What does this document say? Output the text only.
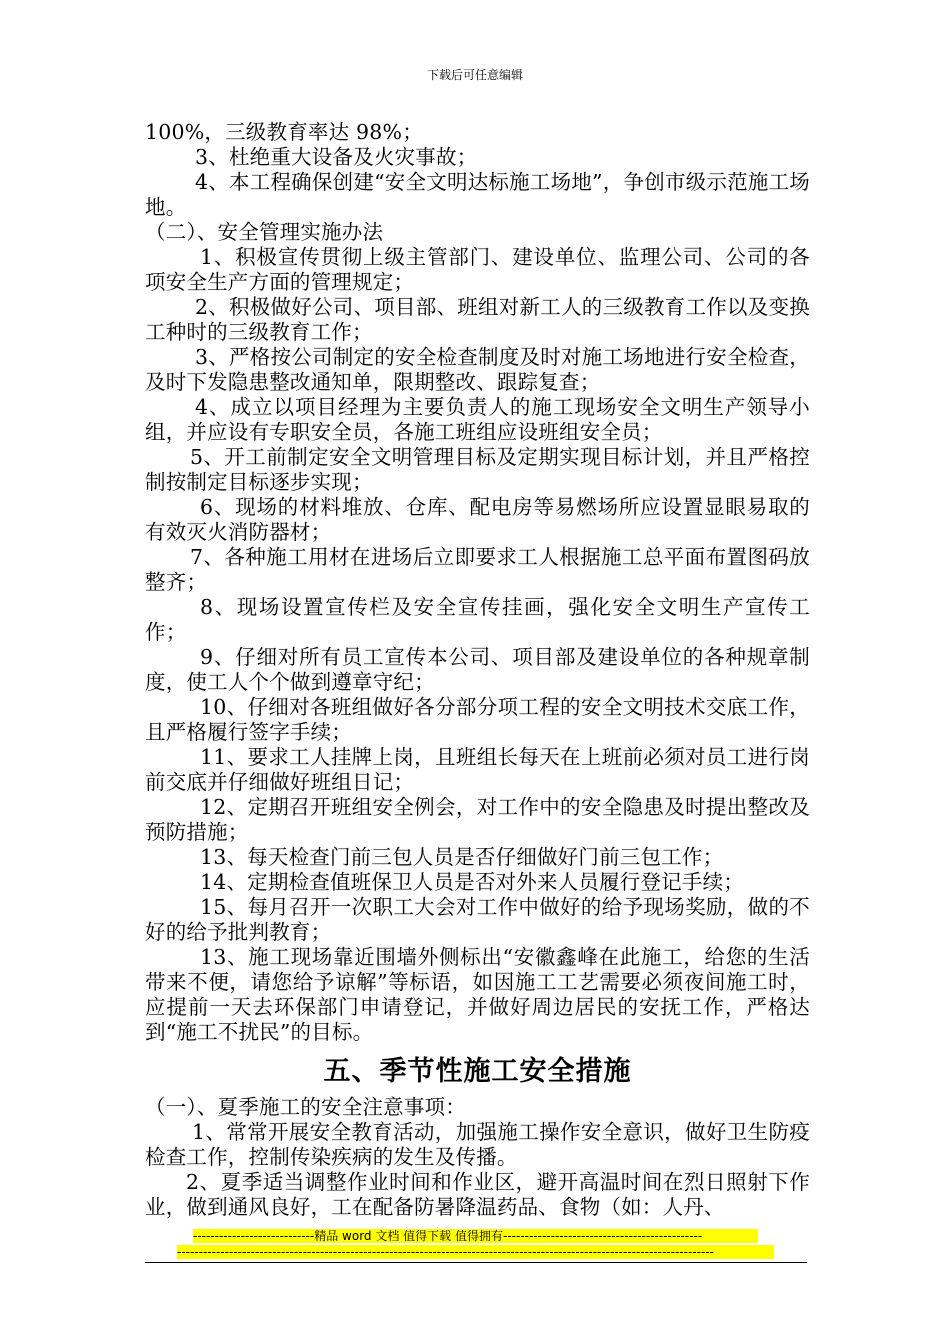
下载后可任意编辑

100%，三级教育率达 98%；

3、杜绝重大设备及火灾事故；

4、本工程确保创建“安全文明达标施工场地”，争创市级示范施工场地。

（二）、安全管理实施办法

1、积极宣传贯彻上级主管部门、建设单位、监理公司、公司的各项安全生产方面的管理规定；

2、积极做好公司、项目部、班组对新工人的三级教育工作以及变换工种时的三级教育工作；

3、严格按公司制定的安全检查制度及时对施工场地进行安全检查，及时下发隐患整改通知单，限期整改、跟踪复查；

4、成立以项目经理为主要负责人的施工现场安全文明生产领导小组，并应设有专职安全员，各施工班组应设班组安全员；

5、开工前制定安全文明管理目标及定期实现目标计划，并且严格控制按制定目标逐步实现；

6、现场的材料堆放、仓库、配电房等易燃场所应设置显眼易取的有效灭火消防器材；

7、各种施工用材在进场后立即要求工人根据施工总平面布置图码放整齐；

8、现场设置宣传栏及安全宣传挂画，强化安全文明生产宣传工作；

9、仔细对所有员工宣传本公司、项目部及建设单位的各种规章制度，使工人个个做到遵章守纪；

10、仔细对各班组做好各分部分项工程的安全文明技术交底工作，且严格履行签字手续；

11、要求工人挂牌上岗，且班组长每天在上班前必须对员工进行岗前交底并仔细做好班组日记；

12、定期召开班组安全例会，对工作中的安全隐患及时提出整改及预防措施；

13、每天检查门前三包人员是否仔细做好门前三包工作；

14、定期检查值班保卫人员是否对外来人员履行登记手续；

15、每月召开一次职工大会对工作中做好的给予现场奖励，做的不好的给予批判教育；

13、施工现场靠近围墙外侧标出“安徽鑫峰在此施工，给您的生活带来不便，请您给予谅解”等标语，如因施工工艺需要必须夜间施工时，应提前一天去环保部门申请登记，并做好周边居民的安抚工作，严格达到“施工不扰民”的目标。

五、季节性施工安全措施

（一）、夏季施工的安全注意事项：

1、常常开展安全教育活动，加强施工操作安全意识，做好卫生防疫检查工作，控制传染疾病的发生及传播。

2、夏季适当调整作业时间和作业区，避开高温时间在烈日照射下作业，做到通风良好，工在配备防暑降温药品、食物（如：人丹、

----------------------------精品 word 文档 值得下载 值得拥有----------------------------------------------
----------------------------------------------------------------------------------------------------------------------------
